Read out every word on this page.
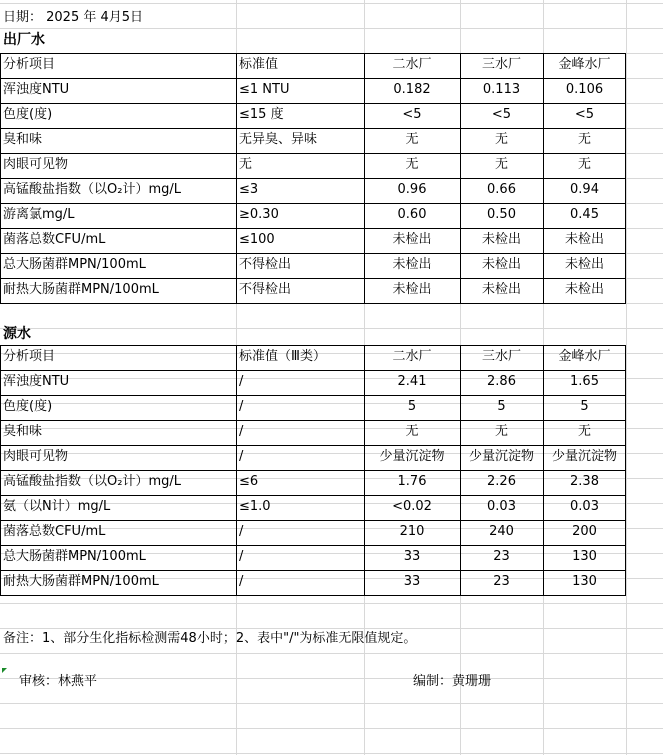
日期： 2025 年 4月5日
出厂水
源水
备注：1、部分生化指标检测需48小时；2、表中"/"为标准无限值规定。
审核：林燕平	编制：黄珊珊
分析项目	标准值	二水厂	三水厂	金峰水厂
浑浊度NTU	≤1 NTU	0.182	0.113	0.106
色度(度)	≤15 度	<5	<5	<5
臭和味	无异臭、异味	无	无	无
肉眼可见物	无	无	无	无
高锰酸盐指数（以O₂计）mg/L	≤3	0.96	0.66	0.94
游离氯mg/L	≥0.30	0.60	0.50	0.45
菌落总数CFU/mL	≤100	未检出	未检出	未检出
总大肠菌群MPN/100mL	不得检出	未检出	未检出	未检出
耐热大肠菌群MPN/100mL	不得检出	未检出	未检出	未检出
分析项目	标准值（Ⅲ类）	二水厂	三水厂	金峰水厂
浑浊度NTU	/	2.41	2.86	1.65
色度(度)	/	5	5	5
臭和味	/	无	无	无
肉眼可见物	/	少量沉淀物	少量沉淀物	少量沉淀物
高锰酸盐指数（以O₂计）mg/L	≤6	1.76	2.26	2.38
氨（以N计）mg/L	≤1.0	<0.02	0.03	0.03
菌落总数CFU/mL	/	210	240	200
总大肠菌群MPN/100mL	/	33	23	130
耐热大肠菌群MPN/100mL	/	33	23	130
